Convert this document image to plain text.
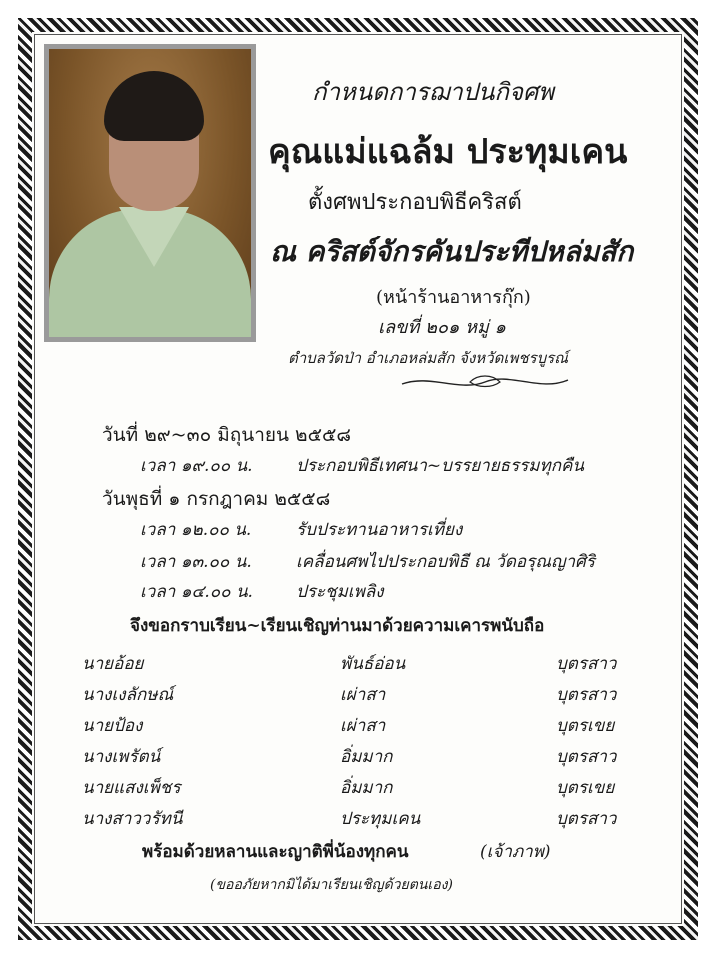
กำหนดการฌาปนกิจศพ
คุณแม่แฉล้ม ประทุมเคน
ตั้งศพประกอบพิธีคริสต์
ณ คริสต์จักรคันประทีปหล่มสัก
(หน้าร้านอาหารกุ๊ก)
เลขที่ ๒๐๑ หมู่ ๑
ตำบลวัดป่า อำเภอหล่มสัก จังหวัดเพชรบูรณ์
วันที่ ๒๙~๓๐ มิถุนายน ๒๕๕๘
เวลา ๑๙.๐๐ น.	ประกอบพิธีเทศนา~บรรยายธรรมทุกคืน
วันพุธที่ ๑ กรกฎาคม ๒๕๕๘
เวลา ๑๒.๐๐ น.	รับประทานอาหารเที่ยง
เวลา ๑๓.๐๐ น.	เคลื่อนศพไปประกอบพิธี ณ วัดอรุณญาศิริ
เวลา ๑๔.๐๐ น.	ประชุมเพลิง
จึงขอกราบเรียน~เรียนเชิญท่านมาด้วยความเคารพนับถือ
นายอ้อย	พันธ์อ่อน	บุตรสาว
นางเงลักษณ์	เผ่าสา	บุตรสาว
นายป้อง	เผ่าสา	บุตรเขย
นางเพรัตน์	อิ่มมาก	บุตรสาว
นายแสงเพ็ชร	อิ่มมาก	บุตรเขย
นางสาววรัทนี	ประทุมเคน	บุตรสาว
พร้อมด้วยหลานและญาติพี่น้องทุกคน	(เจ้าภาพ)
(ขออภัยหากมิได้มาเรียนเชิญด้วยตนเอง)
